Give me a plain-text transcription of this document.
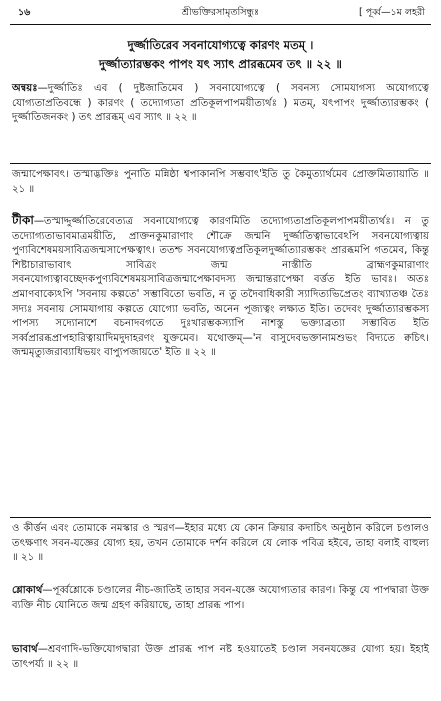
১৬	শ্রীভক্তিরসামৃতসিন্ধুঃ	[ পূর্ব্ব—১ম লহরী
দুর্জ্জাতিরেব সবনাযোগ্যত্বে কারণং মতম্ ।
দুর্জ্জাত্যারম্ভকং পাপং যৎ স্যাৎ প্রারব্ধমেব তৎ ॥ ২২ ॥
অন্বয়ঃ—দুর্জ্জাতিঃ এব ( দুষ্টজাতিমেব ) সবনাযোগ্যত্বে ( সবনস্য সোমযাগস্য অযোগ্যত্বে যোগ্যতাপ্রতিবন্ধে ) কারণং ( তদ্যোগ্যতা প্রতিকূলপাপময়ীত্যর্থঃ ) মতম্, যৎপাপং দুর্জ্জাত্যারম্ভকং ( দুর্জ্জাতিজনকং ) তৎ প্রারব্ধম্ এব স্যাৎ ॥ ২২ ॥
জন্মাপেক্ষাবৎ। তস্মাদ্ভক্তিঃ পুনাতি মন্নিষ্ঠা শ্বপাকানপি সম্ভবাৎ'ইতি তু কৈমুত্যার্থমেব প্রোক্তমিত্যায়াতি ॥ ২১ ॥
টীকা—তস্মাদ্দুর্জ্জাতিরেবেত্যত্র সবনাযোগ্যত্বে কারণমিতি তদ্যোগ্যতাপ্রতিকূলপাপময়ীত্যর্থঃ। ন তু তদ্যোগ্যতাভাবমাত্রময়ীতি, প্রাক্তনকুমারাণাং শৌক্রে জন্মনি দুর্জ্জাতিত্বাভাবেঽপি সবনযোগ্যত্বায় পুণ্যবিশেষময়সাবিত্রজন্মসাপেক্ষত্বাৎ। ততশ্চ সবনযোগ্যত্বপ্রতিকূলদুর্জ্জাত্যারম্ভকং প্রারব্ধমপি গতমেব, কিন্তু শিষ্টাচারাভাবাৎ সাবিত্রং জন্ম নাস্তীতি ব্রাহ্মণকুমারাণাং সবনযোগ্যত্বাবচ্ছেদকপুণ্যবিশেষময়সাবিত্রজন্মাপেক্ষাবদস্য জন্মান্তরাপেক্ষা বর্ত্তত ইতি ভাবঃ। অতঃ প্রমাণবাক্যেঽপি 'সবনায় কল্পতে' সম্ভাবিতো ভবতি, ন তু তদৈবাধিকারী স্যাদিত্যভিপ্রেতং ব্যাখ্যাতঞ্চ তৈঃ সদ্যঃ সবনায় সোমযাগায় কল্পতে যোগ্যো ভবতি, অনেন পূজ্যত্বং লক্ষ্যত ইতি। তদেবং দুর্জ্জাত্যারম্ভকস্য পাপস্য সদ্যোনাশে বচনাদবগতে দুঃখারম্ভকস্যাপি নাশস্তু ভক্ত্যাব্রত্যা সম্ভাবিত ইতি সর্ব্বপ্রারব্ধপ্রাপহারিত্বায়াদিমদুদাহরণং যুক্তমেব। যথোক্তম্—'ন বাসুদেবভক্তানামশুভং বিদ্যতে ক্বচিৎ। জন্মমৃত্যুজরাব্যাধিভয়ং বাপ্যুপজায়তে' ইতি ॥ ২২ ॥
ও কীর্ত্তন এবং তোমাকে নমস্কার ও স্মরণ—ইহার মধ্যে যে কোন ক্রিয়ার কদাচিৎ অনুষ্ঠান করিলে চণ্ডালও তৎক্ষণাৎ সবন-যজ্ঞের যোগ্য হয়, তখন তোমাকে দর্শন করিলে যে লোক পবিত্র হইবে, তাহা বলাই বাহুল্য ॥ ২১ ॥
শ্লোকার্থ—পূর্ব্বশ্লোকে চণ্ডালের নীচ-জাতিই তাহার সবন-যজ্ঞে অযোগ্যতার কারণ। কিন্তু যে পাপদ্বারা উক্ত ব্যক্তি নীচ যোনিতে জন্ম গ্রহণ করিয়াছে, তাহা প্রারব্ধ পাপ।
ভাবার্থ—শ্রবণাদি-ভক্তিযোগদ্বারা উক্ত প্রারব্ধ পাপ নষ্ট হওয়াতেই চণ্ডাল সবনযজ্ঞের যোগ্য হয়। ইহাই তাৎপর্য্য ॥ ২২ ॥
